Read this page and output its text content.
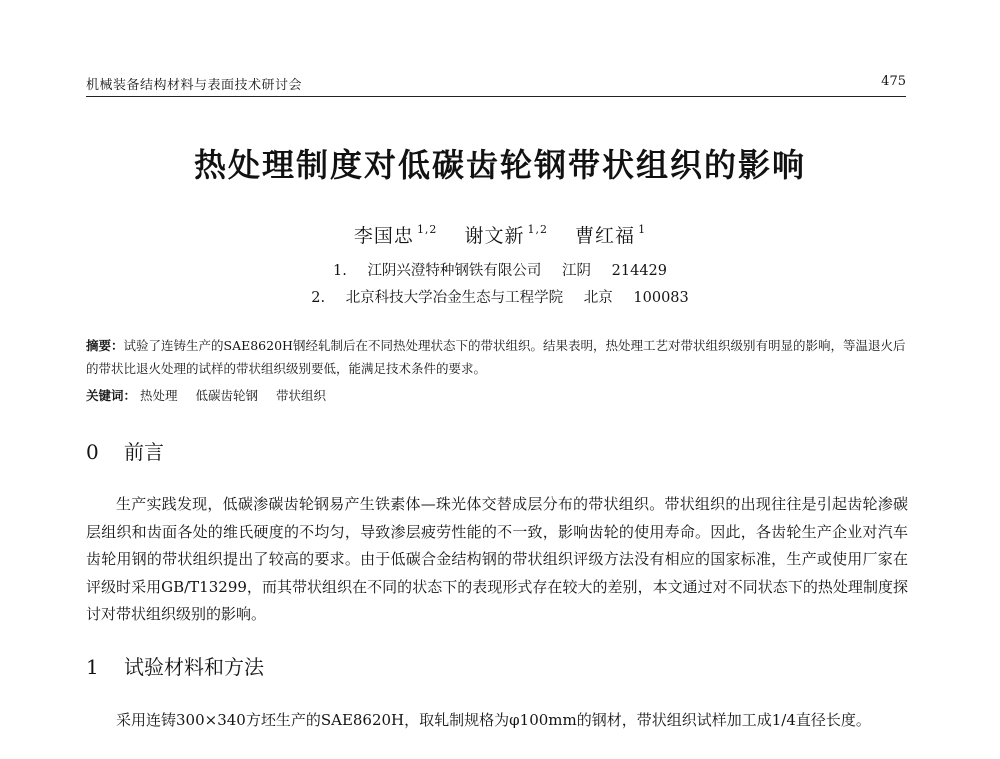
机械装备结构材料与表面技术研讨会	475
热处理制度对低碳齿轮钢带状组织的影响
李国忠 $^{1,2}$ 谢文新 $^{1,2}$ 曹红福 $^1$
1. 江阴兴澄特种钢铁有限公司 江阴 214429
2. 北京科技大学冶金生态与工程学院 北京 100083
摘要：试验了连铸生产的SAE8620H钢经轧制后在不同热处理状态下的带状组织。结果表明，热处理工艺对带状组织级别有明显的影响，等温退火后的带状比退火处理的试样的带状组织级别要低，能满足技术条件的要求。
关键词： 热处理 低碳齿轮钢 带状组织
0 前言
生产实践发现，低碳渗碳齿轮钢易产生铁素体—珠光体交替成层分布的带状组织。带状组织的出现往往是引起齿轮渗碳层组织和齿面各处的维氏硬度的不均匀，导致渗层疲劳性能的不一致，影响齿轮的使用寿命。因此，各齿轮生产企业对汽车齿轮用钢的带状组织提出了较高的要求。由于低碳合金结构钢的带状组织评级方法没有相应的国家标准，生产或使用厂家在评级时采用GB/T13299，而其带状组织在不同的状态下的表现形式存在较大的差别，本文通过对不同状态下的热处理制度探讨对带状组织级别的影响。
1 试验材料和方法
采用连铸300×340方坯生产的SAE8620H，取轧制规格为φ100mm的钢材，带状组织试样加工成1/4直径长度。
